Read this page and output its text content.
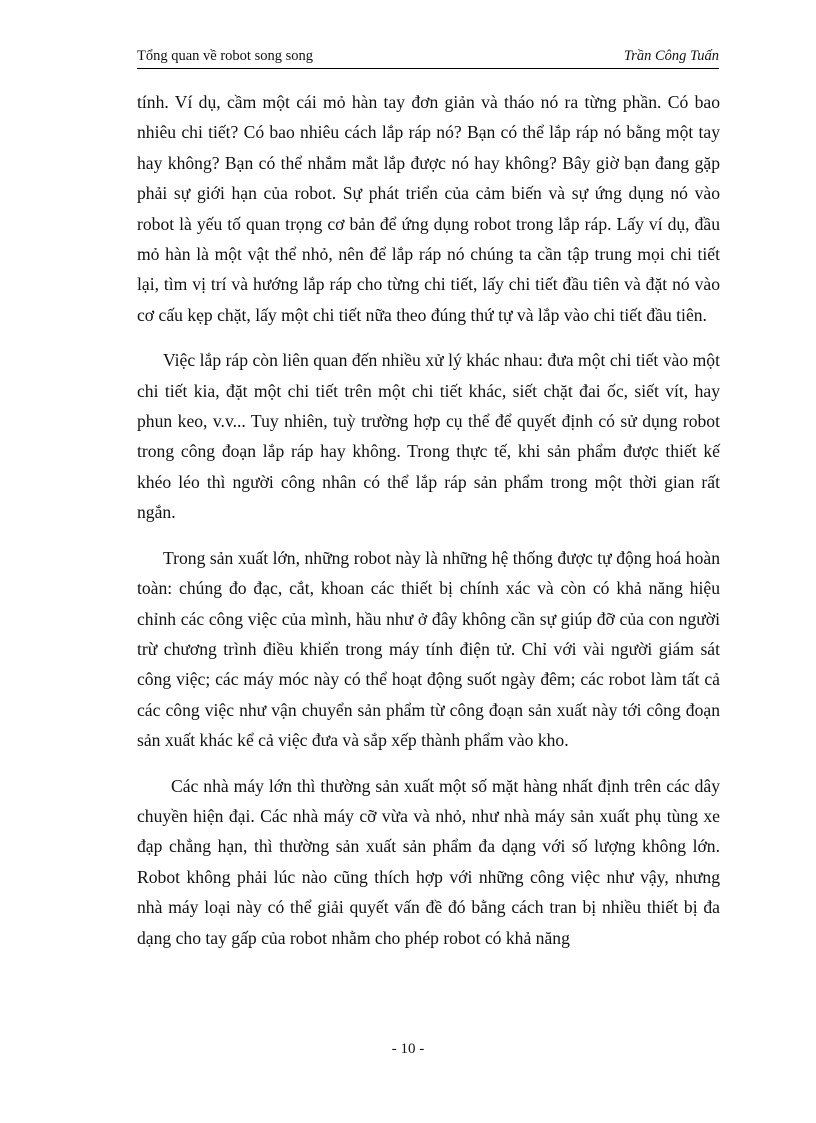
Tổng quan về robot song song	Trần Công Tuấn

tính. Ví dụ, cầm một cái mỏ hàn tay đơn giản và tháo nó ra từng phần. Có bao nhiêu chi tiết? Có bao nhiêu cách lắp ráp nó? Bạn có thể lắp ráp nó bằng một tay hay không? Bạn có thể nhắm mắt lắp được nó hay không? Bây giờ bạn đang gặp phải sự giới hạn của robot. Sự phát triển của cảm biến và sự ứng dụng nó vào robot là yếu tố quan trọng cơ bản để ứng dụng robot trong lắp ráp. Lấy ví dụ, đầu mỏ hàn là một vật thể nhỏ, nên để lắp ráp nó chúng ta cần tập trung mọi chi tiết lại, tìm vị trí và hướng lắp ráp cho từng chi tiết, lấy chi tiết đầu tiên và đặt nó vào cơ cấu kẹp chặt, lấy một chi tiết nữa theo đúng thứ tự và lắp vào chi tiết đầu tiên.

Việc lắp ráp còn liên quan đến nhiều xử lý khác nhau: đưa một chi tiết vào một chi tiết kia, đặt một chi tiết trên một chi tiết khác, siết chặt đai ốc, siết vít, hay phun keo, v.v... Tuy nhiên, tuỳ trường hợp cụ thể để quyết định có sử dụng robot trong công đoạn lắp ráp hay không. Trong thực tế, khi sản phẩm được thiết kế khéo léo thì người công nhân có thể lắp ráp sản phẩm trong một thời gian rất ngắn.

Trong sản xuất lớn, những robot này là những hệ thống được tự động hoá hoàn toàn: chúng đo đạc, cắt, khoan các thiết bị chính xác và còn có khả năng hiệu chỉnh các công việc của mình, hầu như ở đây không cần sự giúp đỡ của con người trừ chương trình điều khiển trong máy tính điện tử. Chỉ với vài người giám sát công việc; các máy móc này có thể hoạt động suốt ngày đêm; các robot làm tất cả các công việc như vận chuyển sản phẩm từ công đoạn sản xuất này tới công đoạn sản xuất khác kể cả việc đưa và sắp xếp thành phẩm vào kho.

Các nhà máy lớn thì thường sản xuất một số mặt hàng nhất định trên các dây chuyền hiện đại. Các nhà máy cỡ vừa và nhỏ, như nhà máy sản xuất phụ tùng xe đạp chẳng hạn, thì thường sản xuất sản phẩm đa dạng với số lượng không lớn. Robot không phải lúc nào cũng thích hợp với những công việc như vậy, nhưng nhà máy loại này có thể giải quyết vấn đề đó bằng cách tran bị nhiều thiết bị đa dạng cho tay gấp của robot nhằm cho phép robot có khả năng

- 10 -
